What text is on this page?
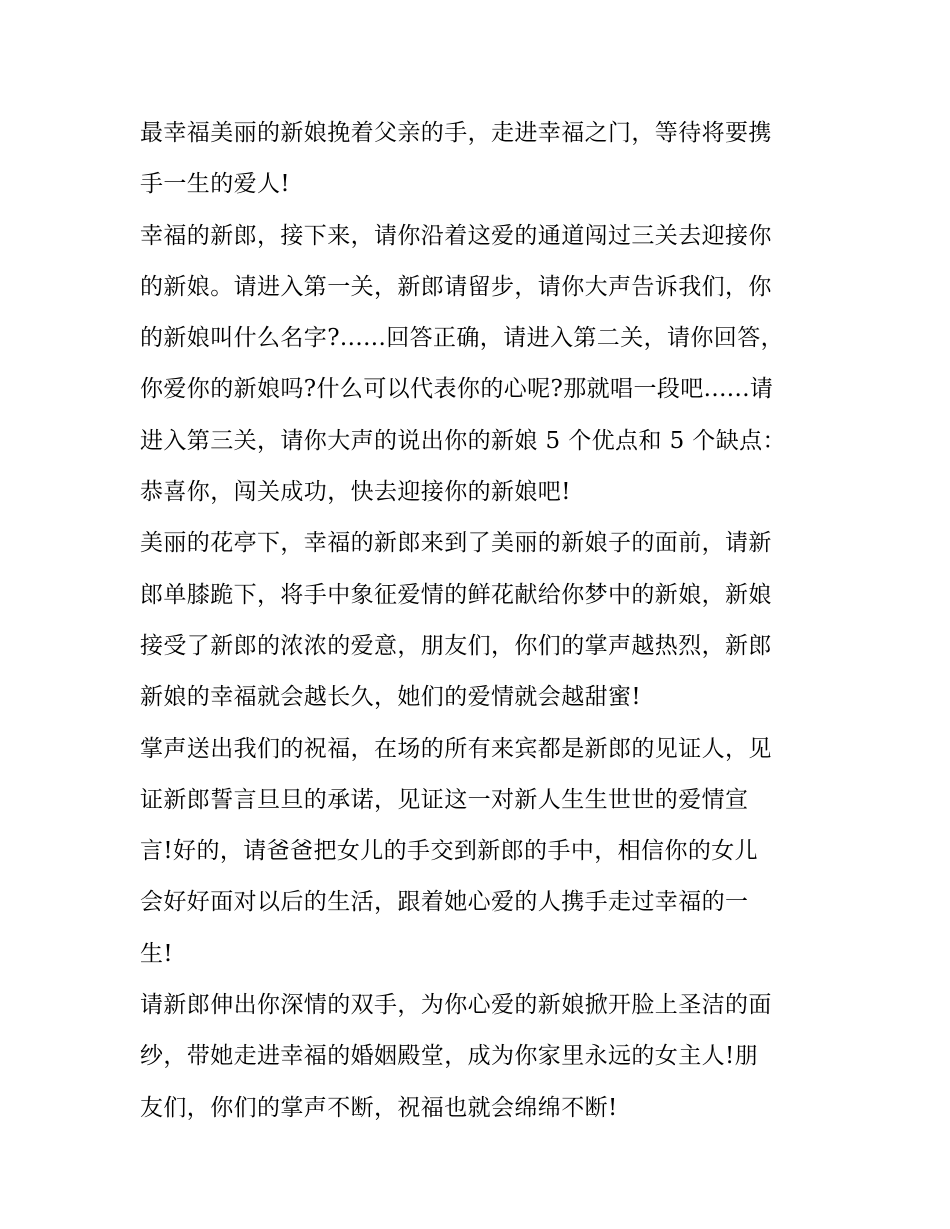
最幸福美丽的新娘挽着父亲的手，走进幸福之门，等待将要携
手一生的爱人!
幸福的新郎，接下来，请你沿着这爱的通道闯过三关去迎接你
的新娘。请进入第一关，新郎请留步，请你大声告诉我们，你
的新娘叫什么名字?......回答正确，请进入第二关，请你回答，
你爱你的新娘吗?什么可以代表你的心呢?那就唱一段吧......请
进入第三关，请你大声的说出你的新娘 5 个优点和 5 个缺点：
恭喜你，闯关成功，快去迎接你的新娘吧!
美丽的花亭下，幸福的新郎来到了美丽的新娘子的面前，请新
郎单膝跪下，将手中象征爱情的鲜花献给你梦中的新娘，新娘
接受了新郎的浓浓的爱意，朋友们，你们的掌声越热烈，新郎
新娘的幸福就会越长久，她们的爱情就会越甜蜜!
掌声送出我们的祝福，在场的所有来宾都是新郎的见证人，见
证新郎誓言旦旦的承诺，见证这一对新人生生世世的爱情宣
言!好的，请爸爸把女儿的手交到新郎的手中，相信你的女儿
会好好面对以后的生活，跟着她心爱的人携手走过幸福的一
生!
请新郎伸出你深情的双手，为你心爱的新娘掀开脸上圣洁的面
纱，带她走进幸福的婚姻殿堂，成为你家里永远的女主人!朋
友们，你们的掌声不断，祝福也就会绵绵不断!
